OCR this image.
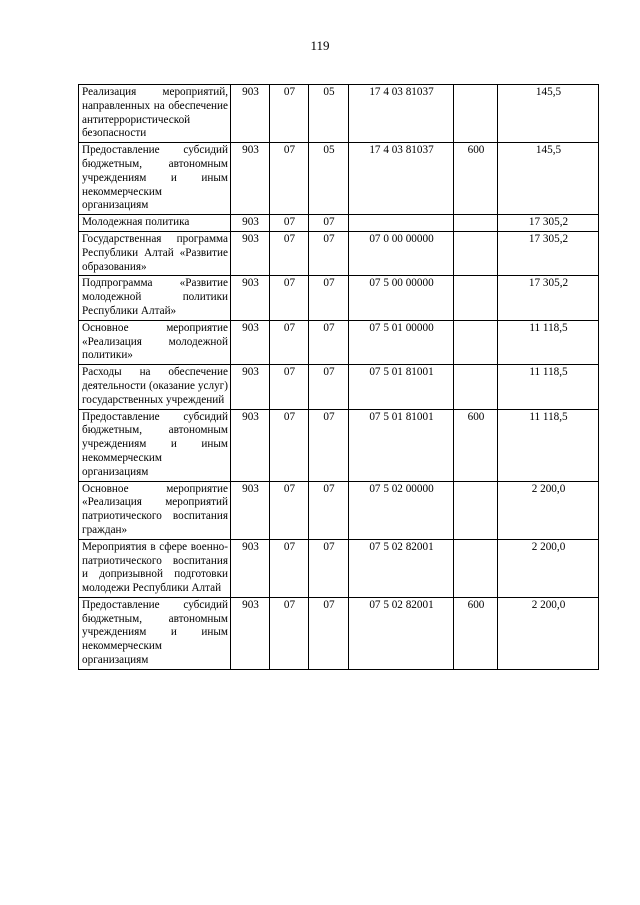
119
Реализация мероприятий, направленных на обеспечение антитеррористической безопасности	903	07	05	17 4 03 81037		145,5
Предоставление субсидий бюджетным, автономным учреждениям и иным некоммерческим организациям	903	07	05	17 4 03 81037	600	145,5
Молодежная политика	903	07	07			17 305,2
Государственная программа Республики Алтай «Развитие образования»	903	07	07	07 0 00 00000		17 305,2
Подпрограмма «Развитие молодежной политики Республики Алтай»	903	07	07	07 5 00 00000		17 305,2
Основное мероприятие «Реализация молодежной политики»	903	07	07	07 5 01 00000		11 118,5
Расходы на обеспечение деятельности (оказание услуг) государственных учреждений	903	07	07	07 5 01 81001		11 118,5
Предоставление субсидий бюджетным, автономным учреждениям и иным некоммерческим организациям	903	07	07	07 5 01 81001	600	11 118,5
Основное мероприятие «Реализация мероприятий патриотического воспитания граждан»	903	07	07	07 5 02 00000		2 200,0
Мероприятия в сфере военно-патриотического воспитания и допризывной подготовки молодежи Республики Алтай	903	07	07	07 5 02 82001		2 200,0
Предоставление субсидий бюджетным, автономным учреждениям и иным некоммерческим организациям	903	07	07	07 5 02 82001	600	2 200,0
